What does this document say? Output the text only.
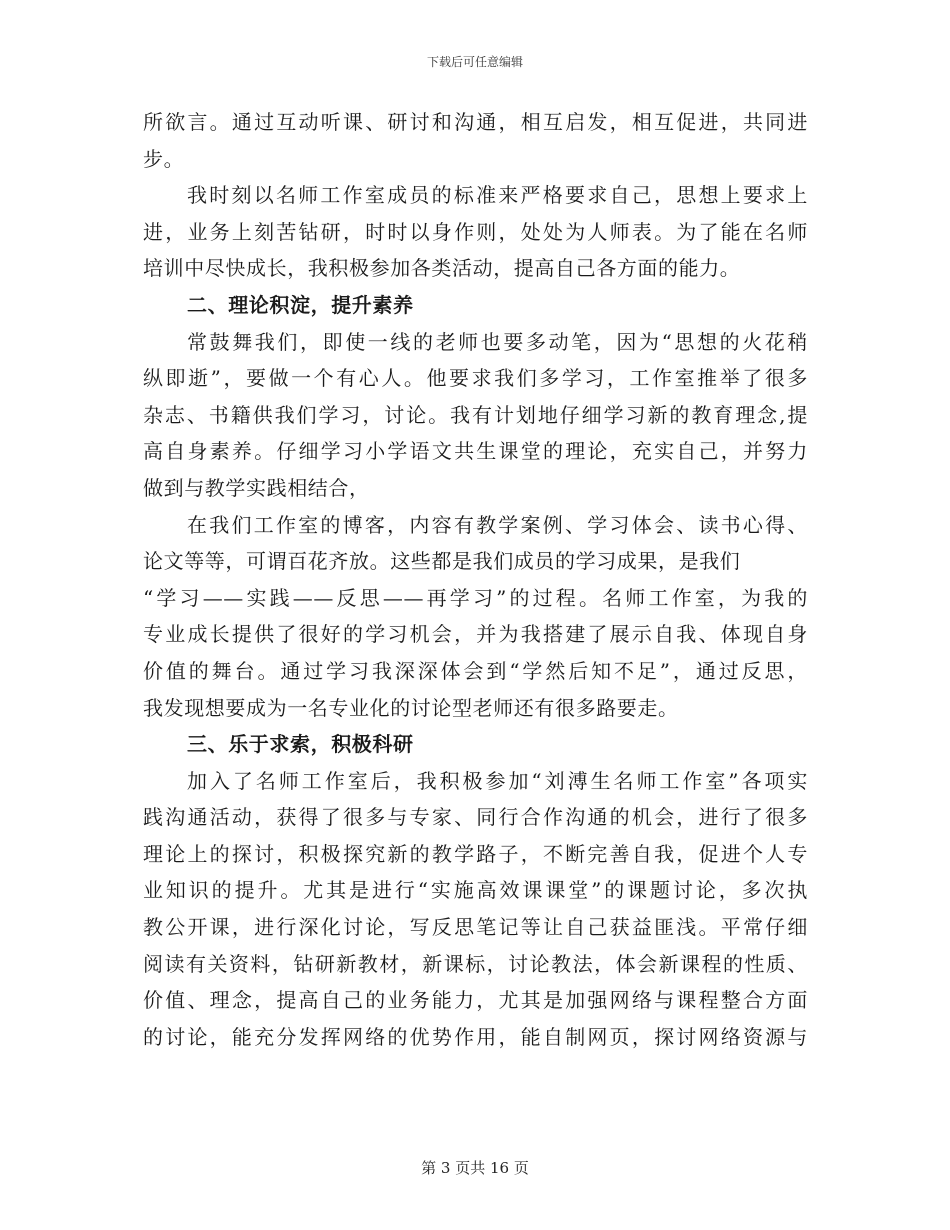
下载后可任意编辑
所欲言。通过互动听课、研讨和沟通，相互启发，相互促进，共同进
步。
我时刻以名师工作室成员的标准来严格要求自己，思想上要求上
进，业务上刻苦钻研，时时以身作则，处处为人师表。为了能在名师
培训中尽快成长，我积极参加各类活动，提高自己各方面的能力。
二、理论积淀，提升素养
常鼓舞我们，即使一线的老师也要多动笔，因为“思想的火花稍
纵即逝”，要做一个有心人。他要求我们多学习，工作室推举了很多
杂志、书籍供我们学习，讨论。我有计划地仔细学习新的教育理念,提
高自身素养。仔细学习小学语文共生课堂的理论，充实自己，并努力
做到与教学实践相结合，
在我们工作室的博客，内容有教学案例、学习体会、读书心得、
论文等等，可谓百花齐放。这些都是我们成员的学习成果，是我们
“学习——实践——反思——再学习”的过程。名师工作室，为我的
专业成长提供了很好的学习机会，并为我搭建了展示自我、体现自身
价值的舞台。通过学习我深深体会到“学然后知不足”，通过反思，
我发现想要成为一名专业化的讨论型老师还有很多路要走。
三、乐于求索，积极科研
加入了名师工作室后，我积极参加“刘溥生名师工作室”各项实
践沟通活动，获得了很多与专家、同行合作沟通的机会，进行了很多
理论上的探讨，积极探究新的教学路子，不断完善自我，促进个人专
业知识的提升。尤其是进行“实施高效课课堂”的课题讨论，多次执
教公开课，进行深化讨论，写反思笔记等让自己获益匪浅。平常仔细
阅读有关资料，钻研新教材，新课标，讨论教法，体会新课程的性质、
价值、理念，提高自己的业务能力，尤其是加强网络与课程整合方面
的讨论，能充分发挥网络的优势作用，能自制网页，探讨网络资源与
第 3 页共 16 页
